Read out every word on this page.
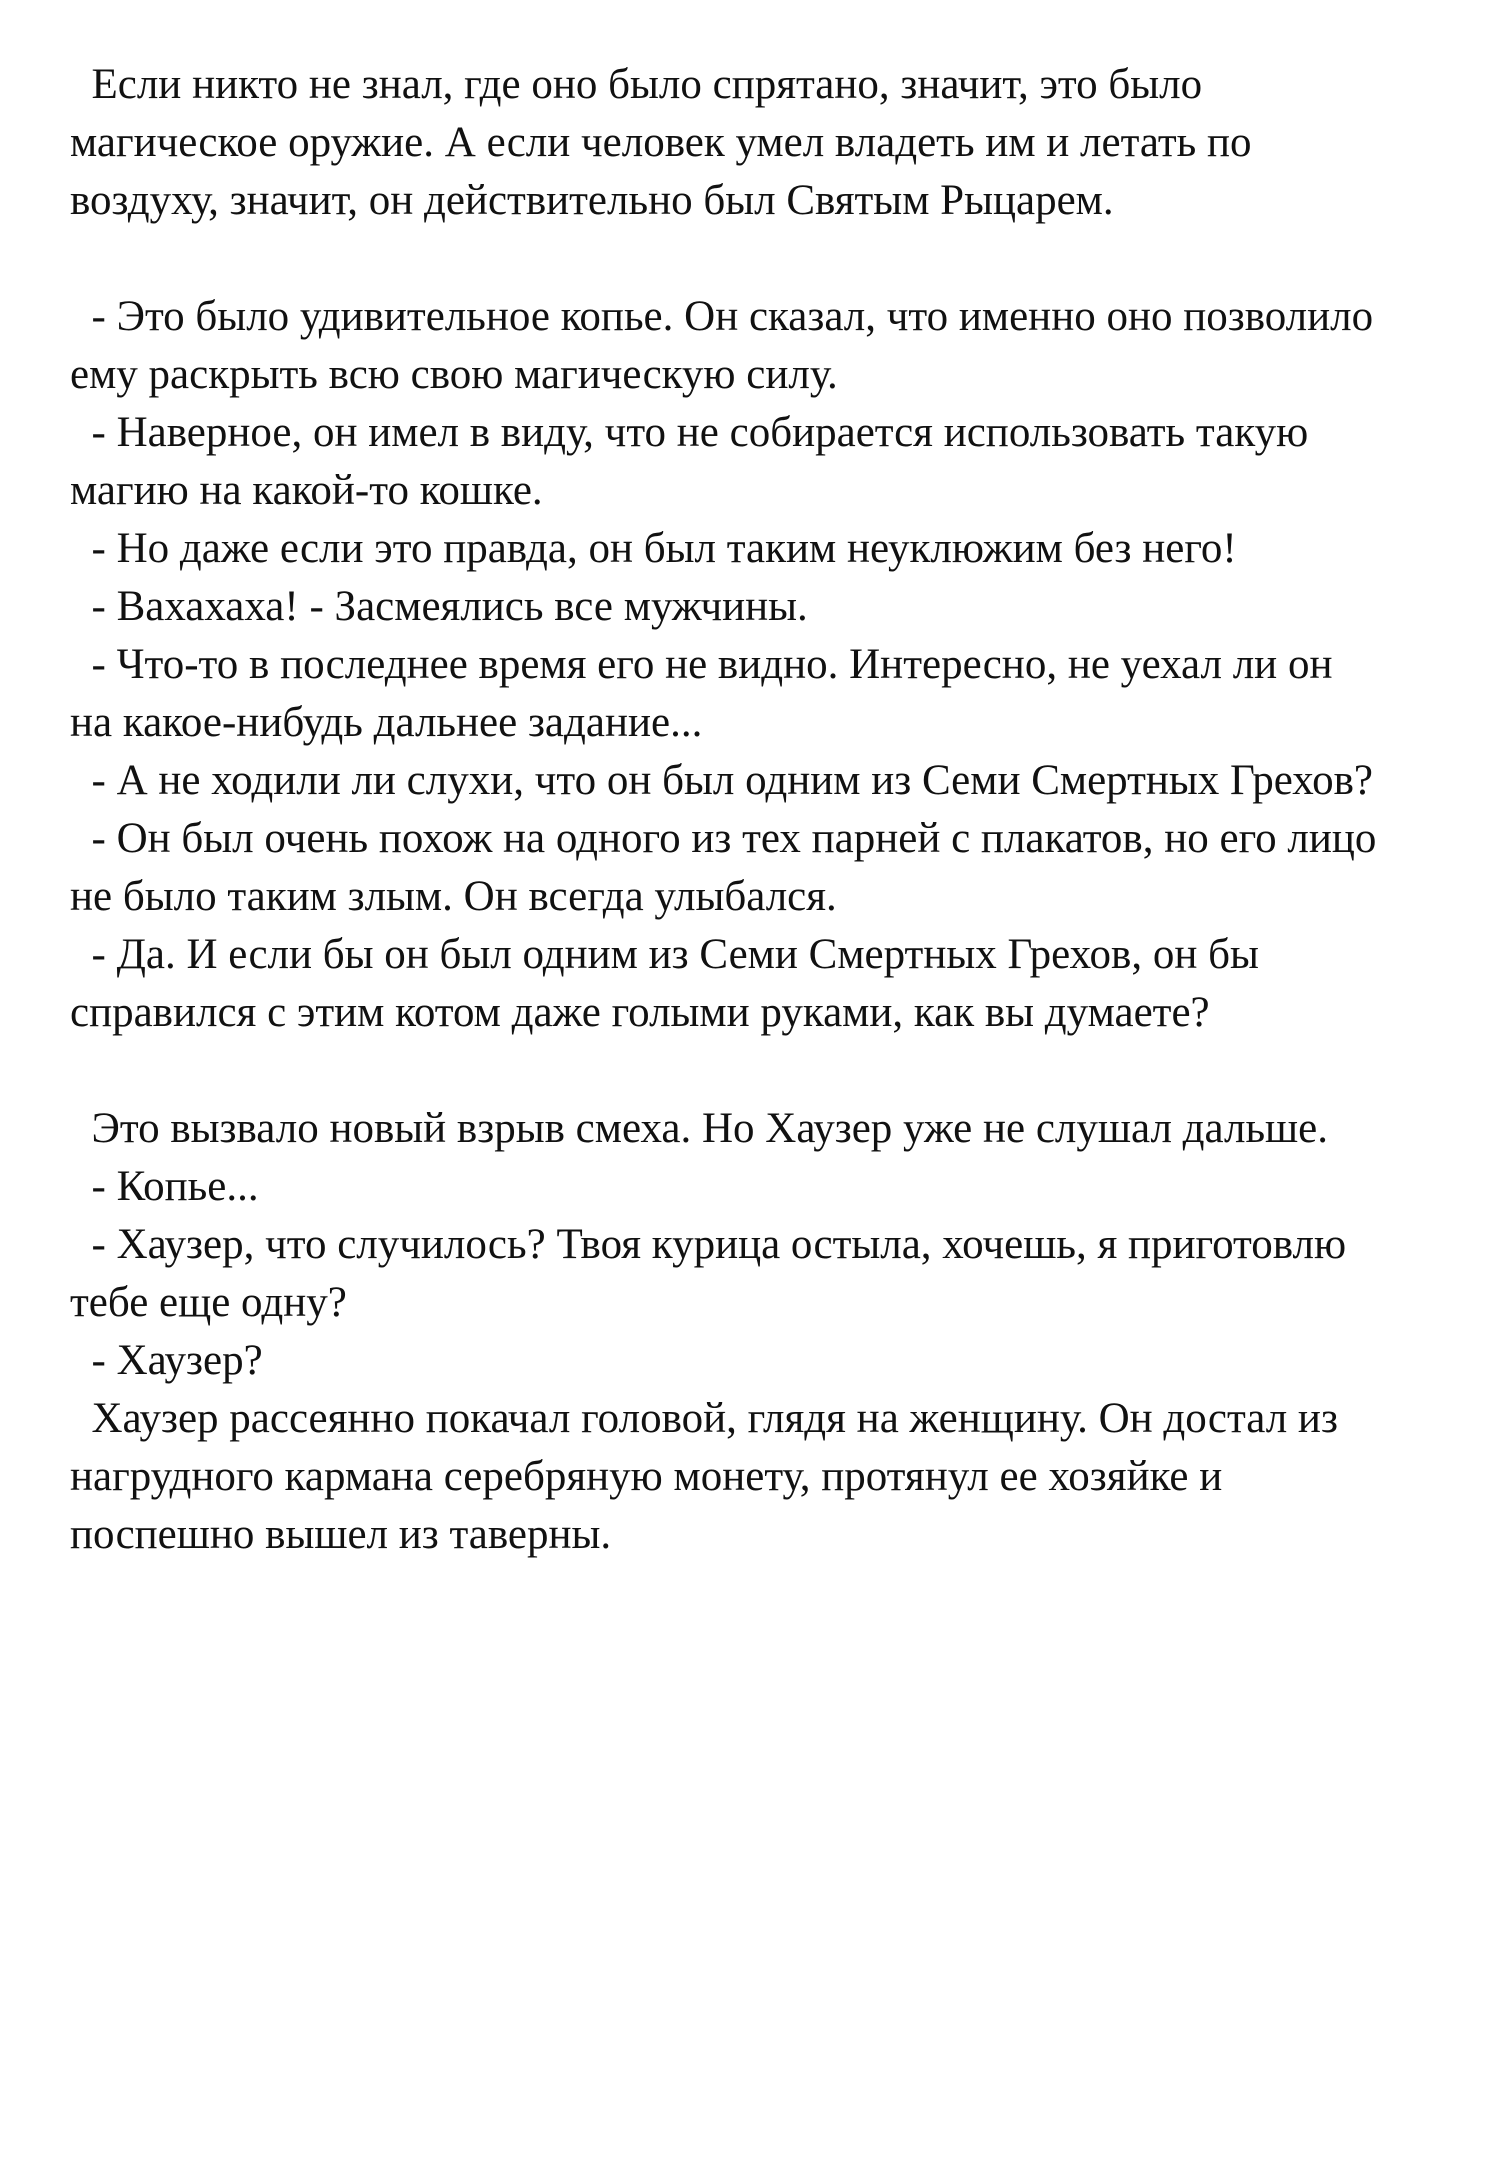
Если никто не знал, где оно было спрятано, значит, это было
магическое оружие. А если человек умел владеть им и летать по
воздуху, значит, он действительно был Святым Рыцарем.
- Это было удивительное копье. Он сказал, что именно оно позволило
ему раскрыть всю свою магическую силу.
- Наверное, он имел в виду, что не собирается использовать такую
магию на какой-то кошке.
- Но даже если это правда, он был таким неуклюжим без него!
- Вахахаха! - Засмеялись все мужчины.
- Что-то в последнее время его не видно. Интересно, не уехал ли он
на какое-нибудь дальнее задание...
- А не ходили ли слухи, что он был одним из Семи Смертных Грехов?
- Он был очень похож на одного из тех парней с плакатов, но его лицо
не было таким злым. Он всегда улыбался.
- Да. И если бы он был одним из Семи Смертных Грехов, он бы
справился с этим котом даже голыми руками, как вы думаете?
Это вызвало новый взрыв смеха. Но Хаузер уже не слушал дальше.
- Копье...
- Хаузер, что случилось? Твоя курица остыла, хочешь, я приготовлю
тебе еще одну?
- Хаузер?
Хаузер рассеянно покачал головой, глядя на женщину. Он достал из
нагрудного кармана серебряную монету, протянул ее хозяйке и
поспешно вышел из таверны.
